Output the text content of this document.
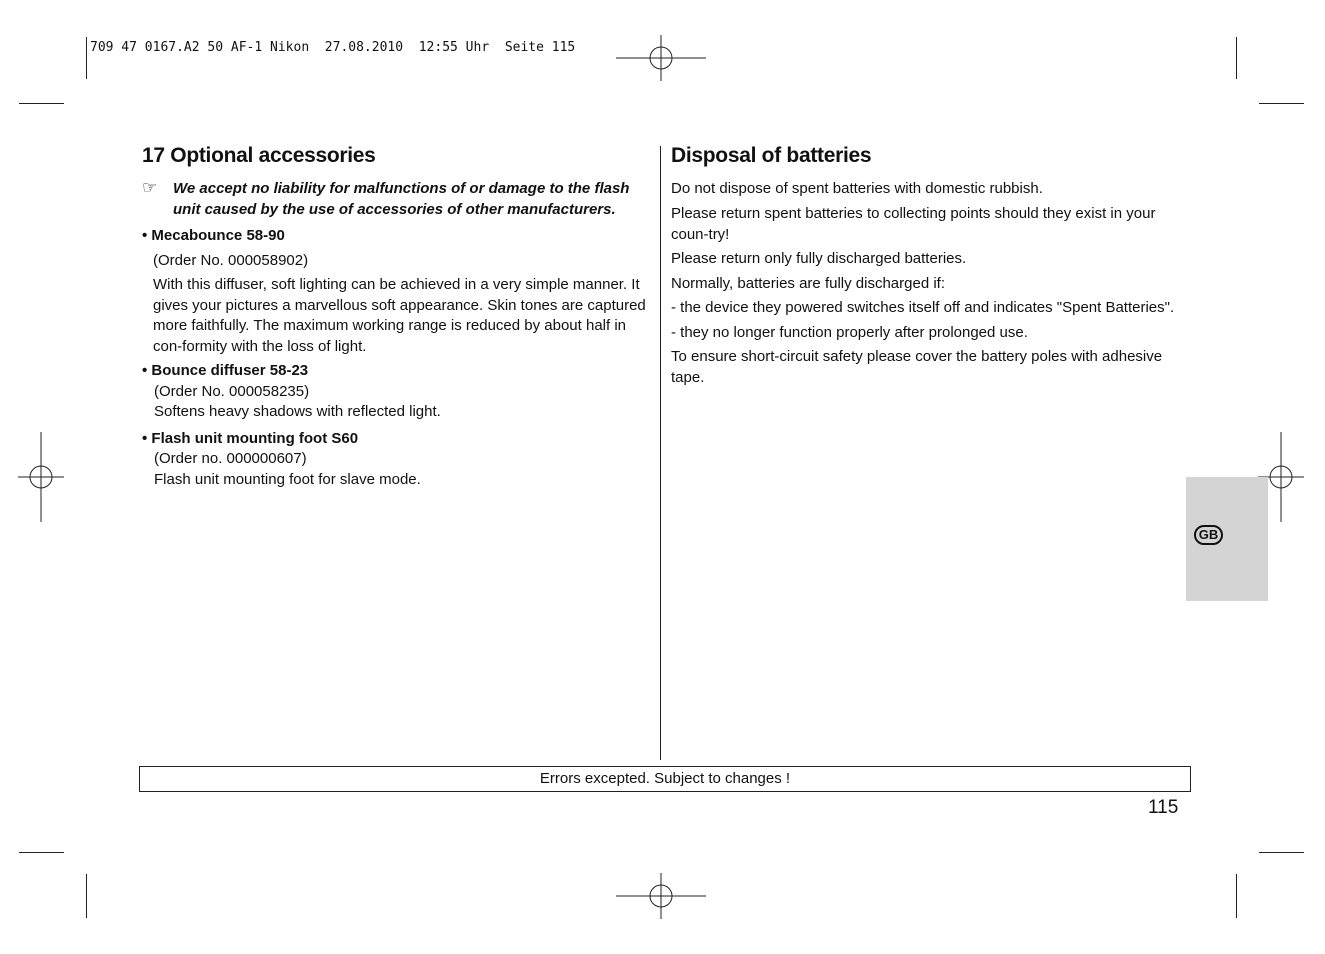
709 47 0167.A2 50 AF-1 Nikon  27.08.2010  12:55 Uhr  Seite 115
17 Optional accessories
☞ We accept no liability for malfunctions of or damage to the flash unit caused by the use of accessories of other manufacturers.
• Mecabounce 58-90
(Order No. 000058902)
With this diffuser, soft lighting can be achieved in a very simple manner. It gives your pictures a marvellous soft appearance. Skin tones are captured more faithfully. The maximum working range is reduced by about half in con-formity with the loss of light.
• Bounce diffuser 58-23
(Order No. 000058235)
Softens heavy shadows with reflected light.
• Flash unit mounting foot S60
(Order no. 000000607)
Flash unit mounting foot for slave mode.
Disposal of batteries

Do not dispose of spent batteries with domestic rubbish.

Please return spent batteries to collecting points should they exist in your coun-try!

Please return only fully discharged batteries.

Normally, batteries are fully discharged if:

- the device they powered switches itself off and indicates "Spent Batteries".

- they no longer function properly after prolonged use.

To ensure short-circuit safety please cover the battery poles with adhesive tape.

GB
Errors excepted. Subject to changes !
115
